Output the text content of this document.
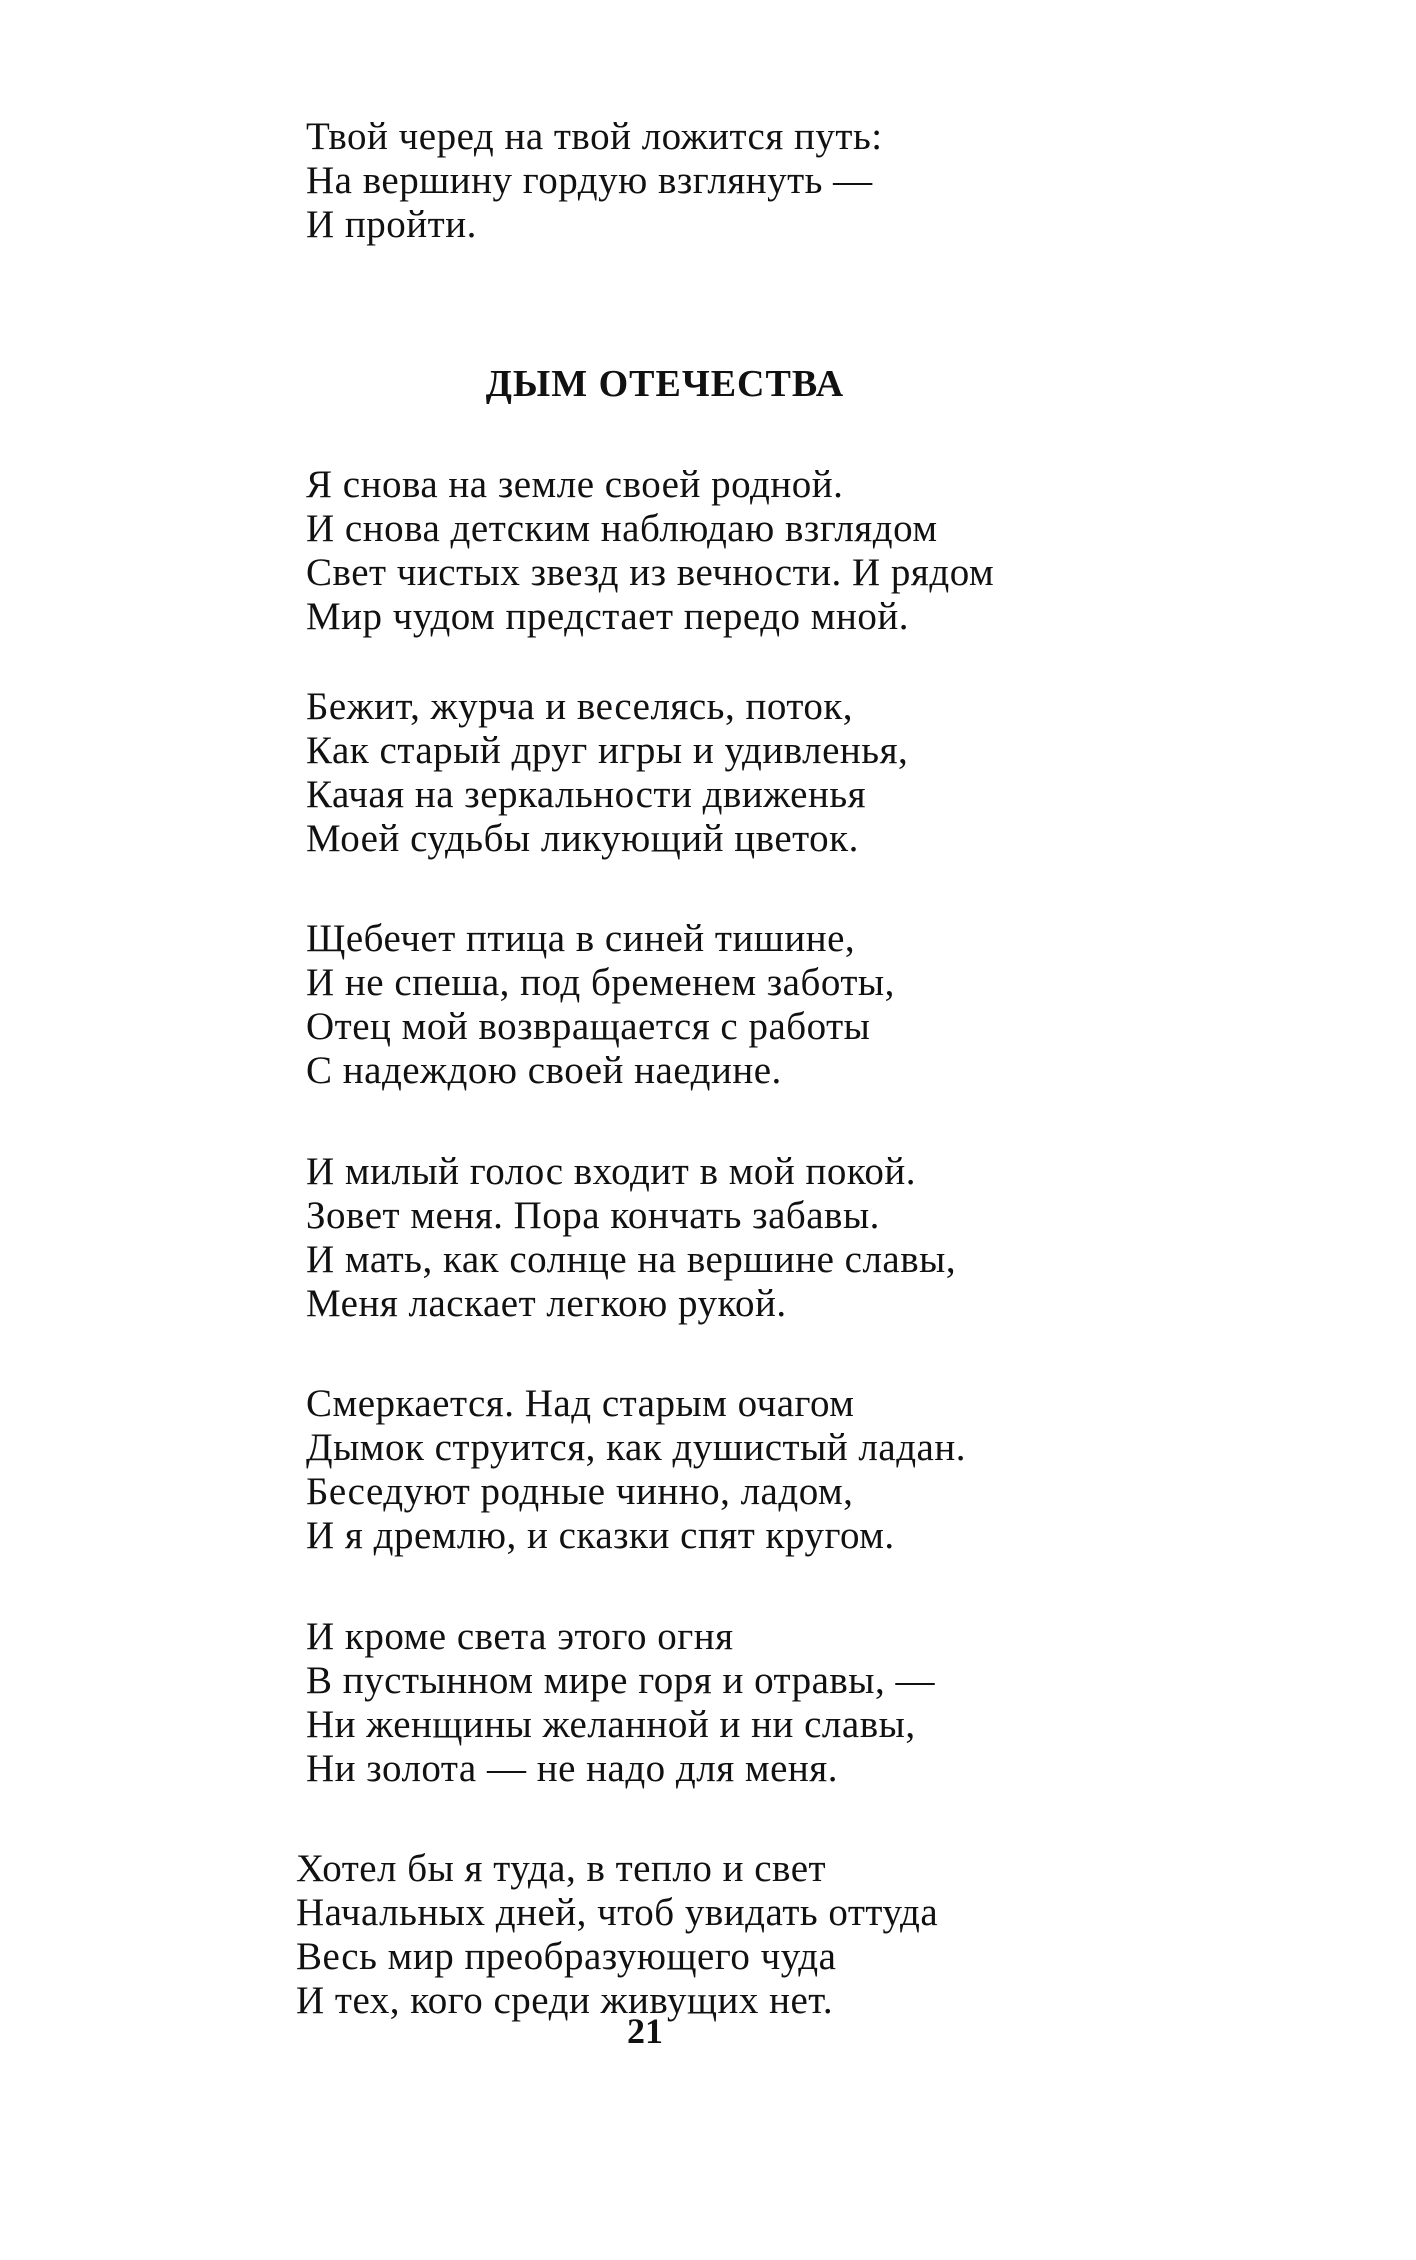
Твой черед на твой ложится путь:
На вершину гордую взглянуть —
И пройти.
ДЫМ ОТЕЧЕСТВА
Я снова на земле своей родной.
И снова детским наблюдаю взглядом
Свет чистых звезд из вечности. И рядом
Мир чудом предстает передо мной.
Бежит, журча и веселясь, поток,
Как старый друг игры и удивленья,
Качая на зеркальности движенья
Моей судьбы ликующий цветок.
Щебечет птица в синей тишине,
И не спеша, под бременем заботы,
Отец мой возвращается с работы
С надеждою своей наедине.
И милый голос входит в мой покой.
Зовет меня. Пора кончать забавы.
И мать, как солнце на вершине славы,
Меня ласкает легкою рукой.
Смеркается. Над старым очагом
Дымок струится, как душистый ладан.
Беседуют родные чинно, ладом,
И я дремлю, и сказки спят кругом.
И кроме света этого огня
В пустынном мире горя и отравы, —
Ни женщины желанной и ни славы,
Ни золота — не надо для меня.
Хотел бы я туда, в тепло и свет
Начальных дней, чтоб увидать оттуда
Весь мир преобразующего чуда
И тех, кого среди живущих нет.

21
